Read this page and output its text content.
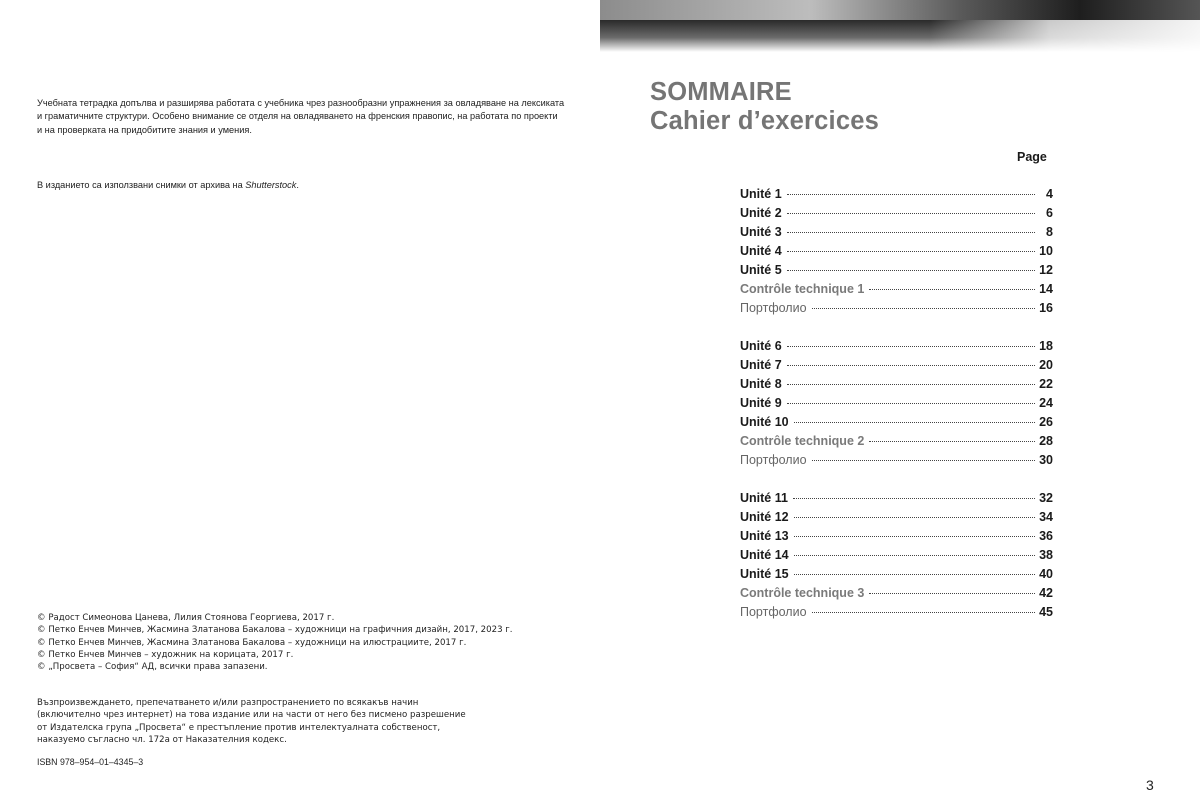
Учебната тетрадка допълва и разширява работата с учебника чрез разнообразни упражнения за овладяване на лексиката

и граматичните структури. Особено внимание се отделя на овладяването на френския правопис, на работата по проекти

и на проверката на придобитите знания и умения.

В изданието са използвани снимки от архива на Shutterstock.
© Радост Симеонова Цанева, Лилия Стоянова Георгиева, 2017 г.
© Петко Енчев Минчев, Жасмина Златанова Бакалова – художници на графичния дизайн, 2017, 2023 г.
© Петко Енчев Минчев, Жасмина Златанова Бакалова – художници на илюстрациите, 2017 г.
© Петко Енчев Минчев – художник на корицата, 2017 г.
© „Просвета – София“ АД, всички права запазени.
Възпроизвеждането, препечатването и/или разпространението по всякакъв начин
(включително чрез интернет) на това издание или на части от него без писмено разрешение
от Издателска група „Просвета“ е престъпление против интелектуалната собственост,
наказуемо съгласно чл. 172а от Наказателния кодекс.
ISBN 978–954–01–4345–3
SOMMAIRE
Cahier d’exercices
Page
Unité 1	4
Unité 2	6
Unité 3	8
Unité 4	10
Unité 5	12
Contrôle technique 1	14
Портфолио	16
Unité 6	18
Unité 7	20
Unité 8	22
Unité 9	24
Unité 10	26
Contrôle technique 2	28
Портфолио	30
Unité 11	32
Unité 12	34
Unité 13	36
Unité 14	38
Unité 15	40
Contrôle technique 3	42
Портфолио	45
3
